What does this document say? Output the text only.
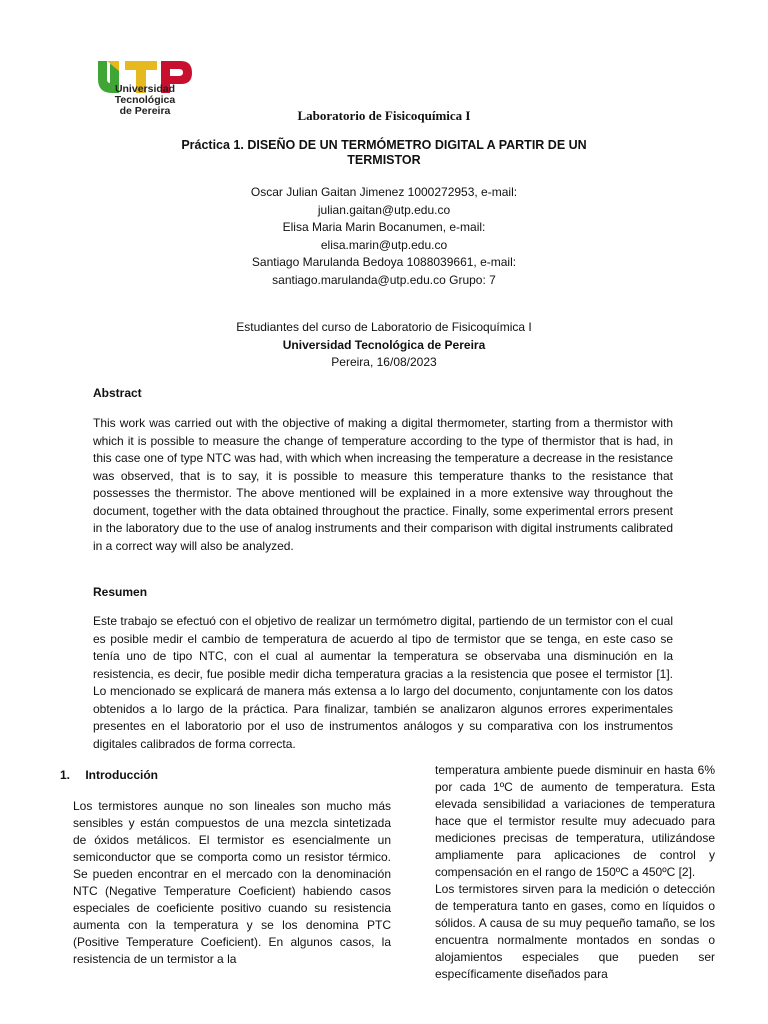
Universidad Tecnológica
de Pereira	Laboratorio de Fisicoquímica I
Práctica 1. DISEÑO DE UN TERMÓMETRO DIGITAL A PARTIR DE UN TERMISTOR
Oscar Julian Gaitan Jimenez 1000272953, e-mail:
julian.gaitan@utp.edu.co
Elisa Maria Marin Bocanumen, e-mail:
elisa.marin@utp.edu.co
Santiago Marulanda Bedoya 1088039661, e-mail:
santiago.marulanda@utp.edu.co Grupo: 7
Estudiantes del curso de Laboratorio de Fisicoquímica I
Universidad Tecnológica de Pereira
Pereira, 16/08/2023
Abstract

This work was carried out with the objective of making a digital thermometer, starting from a thermistor with which it is possible to measure the change of temperature according to the type of thermistor that is had, in this case one of type NTC was had, with which when increasing the temperature a decrease in the resistance was observed, that is to say, it is possible to measure this temperature thanks to the resistance that possesses the thermistor. The above mentioned will be explained in a more extensive way throughout the document, together with the data obtained throughout the practice. Finally, some experimental errors present in the laboratory due to the use of analog instruments and their comparison with digital instruments calibrated in a correct way will also be analyzed.

Resumen

Este trabajo se efectuó con el objetivo de realizar un termómetro digital, partiendo de un termistor con el cual es posible medir el cambio de temperatura de acuerdo al tipo de termistor que se tenga, en este caso se tenía uno de tipo NTC, con el cual al aumentar la temperatura se observaba una disminución en la resistencia, es decir, fue posible medir dicha temperatura gracias a la resistencia que posee el termistor [1]. Lo mencionado se explicará de manera más extensa a lo largo del documento, conjuntamente con los datos obtenidos a lo largo de la práctica. Para finalizar, también se analizaron algunos errores experimentales presentes en el laboratorio por el uso de instrumentos análogos y su comparativa con los instrumentos digitales calibrados de forma correcta.

1. Introducción

Los termistores aunque no son lineales son mucho más sensibles y están compuestos de una mezcla sintetizada de óxidos metálicos. El termistor es esencialmente un semiconductor que se comporta como un resistor térmico. Se pueden encontrar en el mercado con la denominación NTC (Negative Temperature Coeficient) habiendo casos especiales de coeficiente positivo cuando su resistencia aumenta con la temperatura y se los denomina PTC (Positive Temperature Coeficient). En algunos casos, la resistencia de un termistor a la

temperatura ambiente puede disminuir en hasta 6% por cada 1ºC de aumento de temperatura. Esta elevada sensibilidad a variaciones de temperatura hace que el termistor resulte muy adecuado para mediciones precisas de temperatura, utilizándose ampliamente para aplicaciones de control y compensación en el rango de 150ºC a 450ºC [2].

Los termistores sirven para la medición o detección de temperatura tanto en gases, como en líquidos o sólidos. A causa de su muy pequeño tamaño, se los encuentra normalmente montados en sondas o alojamientos especiales que pueden ser específicamente diseñados para
